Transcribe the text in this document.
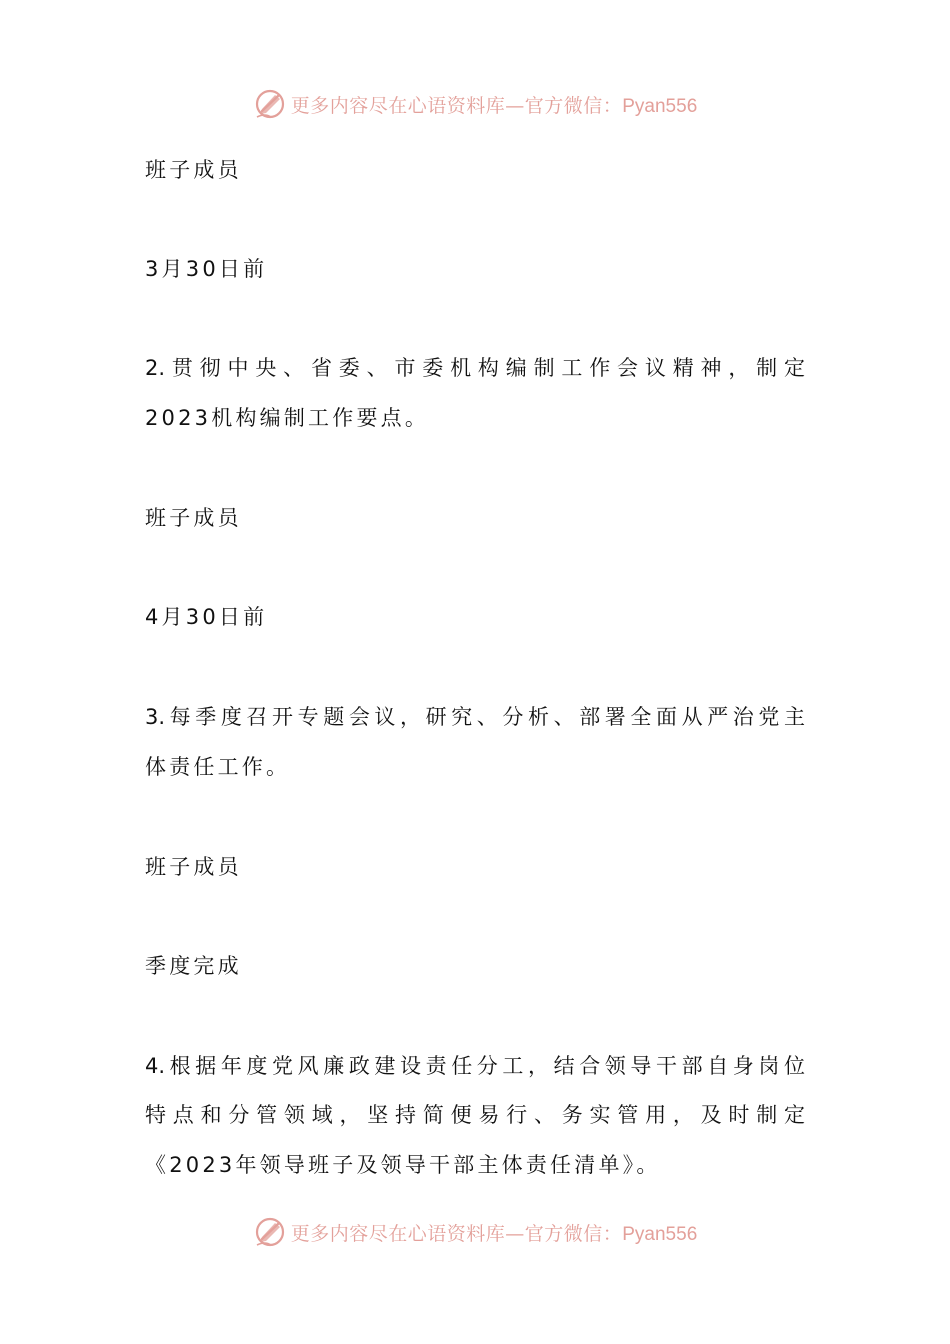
更多内容尽在心语资料库—官方微信：Pyan556

班子成员

3月30日前

2.贯彻中央、省委、市委机构编制工作会议精神，制定

2023机构编制工作要点。

班子成员

4月30日前

3.每季度召开专题会议，研究、分析、部署全面从严治党主

体责任工作。

班子成员

季度完成

4.根据年度党风廉政建设责任分工，结合领导干部自身岗位

特点和分管领域，坚持简便易行、务实管用，及时制定

《2023年领导班子及领导干部主体责任清单》。

更多内容尽在心语资料库—官方微信：Pyan556
